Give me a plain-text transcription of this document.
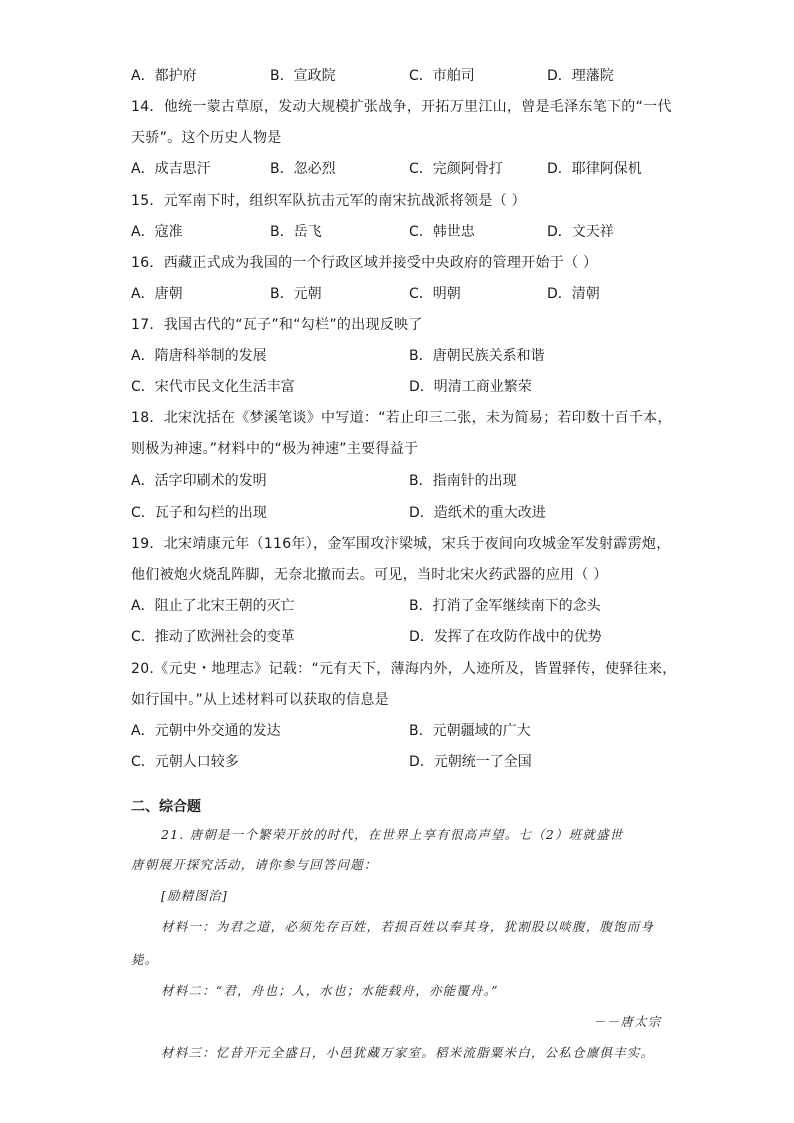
A．都护府	B．宣政院	C．市舶司	D．理藩院
14．他统一蒙古草原，发动大规模扩张战争，开拓万里江山，曾是毛泽东笔下的“一代
天骄”。这个历史人物是
A．成吉思汗	B．忽必烈	C．完颜阿骨打	D．耶律阿保机
15．元军南下时，组织军队抗击元军的南宋抗战派将领是（ ）
A．寇准	B．岳飞	C．韩世忠	D．文天祥
16．西藏正式成为我国的一个行政区域并接受中央政府的管理开始于（ ）
A．唐朝	B．元朝	C．明朝	D．清朝
17．我国古代的“瓦子”和“勾栏”的出现反映了
A．隋唐科举制的发展	B．唐朝民族关系和谐
C．宋代市民文化生活丰富	D．明清工商业繁荣
18．北宋沈括在《梦溪笔谈》中写道：“若止印三二张，未为简易；若印数十百千本，
则极为神速。”材料中的“极为神速”主要得益于
A．活字印刷术的发明	B．指南针的出现
C．瓦子和勾栏的出现	D．造纸术的重大改进
19．北宋靖康元年（116年），金军围攻汴梁城，宋兵于夜间向攻城金军发射霹雳炮，
他们被炮火烧乱阵脚，无奈北撤而去。可见，当时北宋火药武器的应用（ ）
A．阻止了北宋王朝的灭亡	B．打消了金军继续南下的念头
C．推动了欧洲社会的变革	D．发挥了在攻防作战中的优势
20.《元史・地理志》记载：“元有天下，薄海内外，人迹所及，皆置驿传，使驿往来，
如行国中。”从上述材料可以获取的信息是
A．元朝中外交通的发达	B．元朝疆域的广大
C．元朝人口较多	D．元朝统一了全国
二、综合题
21. 唐朝是一个繁荣开放的时代，在世界上享有很高声望。七（2）班就盛世
唐朝展开探究活动，请你参与回答问题：
[励精图治]
材料一：为君之道，必须先存百姓，若损百姓以奉其身，犹割股以啖腹，腹饱而身
毙。
材料二：“君，舟也；人，水也；水能载舟，亦能覆舟。”
－－唐太宗
材料三：忆昔开元全盛日，小邑犹藏万家室。稻米流脂粟米白，公私仓廪俱丰实。
